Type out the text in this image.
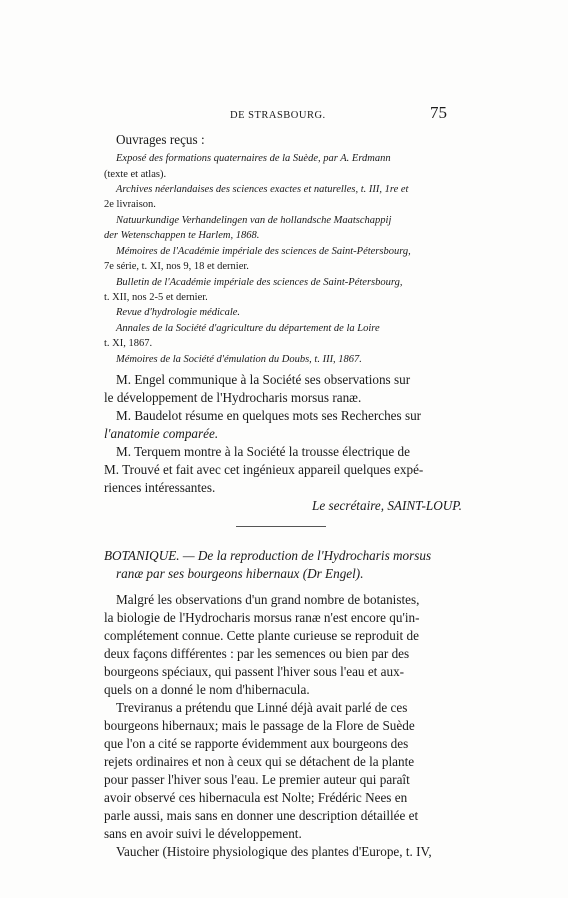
DE STRASBOURG.	75
Ouvrages reçus :
Exposé des formations quaternaires de la Suède, par A. Erdmann
(texte et atlas).
Archives néerlandaises des sciences exactes et naturelles, t. III, 1re et
2e livraison.
Natuurkundige Verhandelingen van de hollandsche Maatschappij
der Wetenschappen te Harlem, 1868.
Mémoires de l'Académie impériale des sciences de Saint-Pétersbourg,
7e série, t. XI, nos 9, 18 et dernier.
Bulletin de l'Académie impériale des sciences de Saint-Pétersbourg,
t. XII, nos 2-5 et dernier.
Revue d'hydrologie médicale.
Annales de la Société d'agriculture du département de la Loire
t. XI, 1867.
Mémoires de la Société d'émulation du Doubs, t. III, 1867.
M. Engel communique à la Société ses observations sur
le développement de l'Hydrocharis morsus ranæ.
M. Baudelot résume en quelques mots ses Recherches sur
l'anatomie comparée.
M. Terquem montre à la Société la trousse électrique de
M. Trouvé et fait avec cet ingénieux appareil quelques expé-
riences intéressantes.
Le secrétaire, SAINT-LOUP.
BOTANIQUE. — De la reproduction de l'Hydrocharis morsus
ranæ par ses bourgeons hibernaux (Dr Engel).
Malgré les observations d'un grand nombre de botanistes,
la biologie de l'Hydrocharis morsus ranæ n'est encore qu'in-
complétement connue. Cette plante curieuse se reproduit de
deux façons différentes : par les semences ou bien par des
bourgeons spéciaux, qui passent l'hiver sous l'eau et aux-
quels on a donné le nom d'hibernacula.
Treviranus a prétendu que Linné déjà avait parlé de ces
bourgeons hibernaux; mais le passage de la Flore de Suède
que l'on a cité se rapporte évidemment aux bourgeons des
rejets ordinaires et non à ceux qui se détachent de la plante
pour passer l'hiver sous l'eau. Le premier auteur qui paraît
avoir observé ces hibernacula est Nolte; Frédéric Nees en
parle aussi, mais sans en donner une description détaillée et
sans en avoir suivi le développement.
Vaucher (Histoire physiologique des plantes d'Europe, t. IV,
